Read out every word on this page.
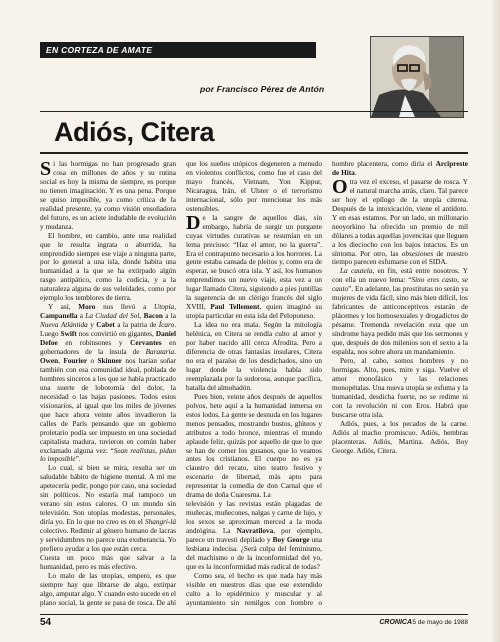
EN CORTEZA DE AMATE
por Francisco Pérez de Antón
Adiós, Citera

Si las hormigas no han progresado gran cosa en millones de años y su rutina social es hoy la misma de siempre, es porque no tienen imaginación. Y es una pena. Porque se quiso imposible, ya como crítica de la realidad presente, ya como visión ensoñadora del futuro, es un aciete indudable de evolución y mudanza.

El hombre, en cambio, ante una realidad que le resulta ingrata o aburrida, ha emprendido siempre ese viaje a ninguna parte, por lo general a una isla, donde habita una humanidad a la que se ha extirpado algún rasgo antipático, como la codicia, y a la naturaleza alguna de sus veleidades, como por ejemplo los temblores de tierra.

Y así, Moro nos llevó a Utopía, Campanella a La Ciudad del Sol, Bacon a la Nueva Atlántida y Cabet a la patria de Ícaro. Luego Swift nos convirtió en gigantes, Daniel Defoe en robinsones y Cervantes en gobernadores de la ínsula de Barataria. Owen, Fourier o Skinner nos harían soñar también con esa comunidad ideal, poblada de hombres sinceros a los que se había practicado una suerte de lobotomía del dolor, la necesidad o las bajas pasiones. Todos estos visionarios, al igual que los miles de jóvenes que hace ahora veinte años invadieron la calles de París pensando que un gobierno proletario podía ser impuesto en una sociedad capitalista madura, tuvieron en común haber exclamado alguna vez: “Sean realistas, pidan lo imposible”.

Lo cual, si bien se mira, resulta ser un saludable hábito de higiene mental. A mí me apetecería pedir, pongo por caso, una sociedad sin políticos. No estaría mal tampoco un verano sin estos calores. O un mundo sin televisión. Son utopías modestas, personales, diría yo. En lo que no creo es en el Shangri-lá colectivo. Redimir al género humano de lacras y servidumbres no parece una exuberancia. Yo prefiero ayudar a los que están cerca.

Cuesta un poco más que salvar a la humanidad, pero es más efectivo.

Lo malo de las utopías, empero, es que siempre hay que librarse de algo, extirpar algo, amputar algo. Y cuando esto sucede en el plano social, la gente se pasa de rosca. De ahí que los sueños utópicos degeneren a menudo en violentos conflictos, como fue el caso del mayo francés, Vietnam, Yon Kippur, Nicaragua, Irán, el Ulster o el terrorismo internacional, sólo por mencionar los más ostensibles.

De la sangre de aquellos días, sin embargo, habría de surgir un purgante cuyas virtudes curativas se resumían en un lema precioso: “Haz el amor, no la guerra”. Era el contrapunto necesario a los horrores. La gente estaba cansada de pleitos y, como era de esperar, se buscó otra isla. Y así, los humanos emprendimos un nuevo viaje, esta vez a un lugar llamado Citera, siguiendo a pies juntillas la sugerencia de un clérigo francés del siglo XVIII, Paul Tellement, quien imaginó su utopía particular en esta isla del Peloponeso.

La idea no era mala. Según la mitología helénica, en Citera se rendía culto al amor y por haber nacido allí cerca Afrodita. Pero a diferencia de otras fantasías insulares, Citera no era el paraíso de los desdichados, sino un lugar donde la violencia había sido reemplazada por la sudorosa, aunque pacífica, batalla del almohadón.

Pues bien, veinte años después de aquellos polvos, hete aquí a la humanidad inmersa en estos lodos. La gente se desnuda en los lugares menos pensados, mostrando bustos, glúteos y atributos a todo bronce, mientras el mundo aplaude feliz, quizás por aquello de que lo que se han de comer los gusanos, que lo veamos antes los cristianos. El cuerpo no es ya claustro del recato, sino teatro festivo y escenario de libertad, más apto para representar la comedia de don Carnal que el drama de doña Cuaresma. La

televisión y las revistas están plagadas de muñecas, muñecones, nalgas y carne de lujo, y los sexos se aproximan merced a la moda andrógina. La Navratilova, por ejemplo, parece un travesti depilado y Boy George una lesbiana indecisa. ¿Será culpa del feminismo, del machismo o de la inconformidad del yo, que es la inconformidad más radical de todas?

Como sea, el hecho es que nada hay más visible en nuestros días que ese extendido culto a lo epidérmico y muscular y al ayuntamiento sin remilgos con hombre o hombre placentera, como diría el Arcipreste de Hita.

Otra vez el exceso, el pasarse de rosca. Y el natural marcha atrás, claro. Tal parece ser hoy el epílogo de la utopía citerea. Después de la intoxicación, viene el antídoto. Y en esas estamos. Por un lado, un millonario neoyorkino ha ofrecido un premio de mil dólares a todas aquellas jovencitas que lleguen a los dieciocho con los bajos intactos. Es un síntoma. Por otro, las obsesiones de nuestro tiempo parecen esfumarse con el SIDA.

La cautela, en fin, está entre nosotros. Y con ella un nuevo lema: “Sino eres casto, se cauto”. En adelante, las prostitutas no serán ya mujeres de vida fácil, sino más bien difícil, los fabricantes de anticonceptivos estarán de plácemes y los homosexuales y drogadictos de pésame. Tremenda revelación esta que un síndrome haya pedido más que los sermones y que, después de dos milenios son el sexto a la espalda, nos sobre ahora un mandamiento.

Pero, al cabo, somos hombres y no hormigas. Alto, pues, mire y siga. Vuelve el amor monofásico y las relaciones monopétalas. Una nueva utopía se esfuma y la humanidad, desdicha fuerte, no se redime ni con la revolución ni con Eros. Habrá que buscarse otra isla.

Adiós, pues, a los pecados de la carne. Adiós al macho promiscuo. Adiós, hembras placenteras. Adiós, Martina. Adiós, Boy George. Adiós, Citera.

54	CRONICA 5 de mayo de 1988
